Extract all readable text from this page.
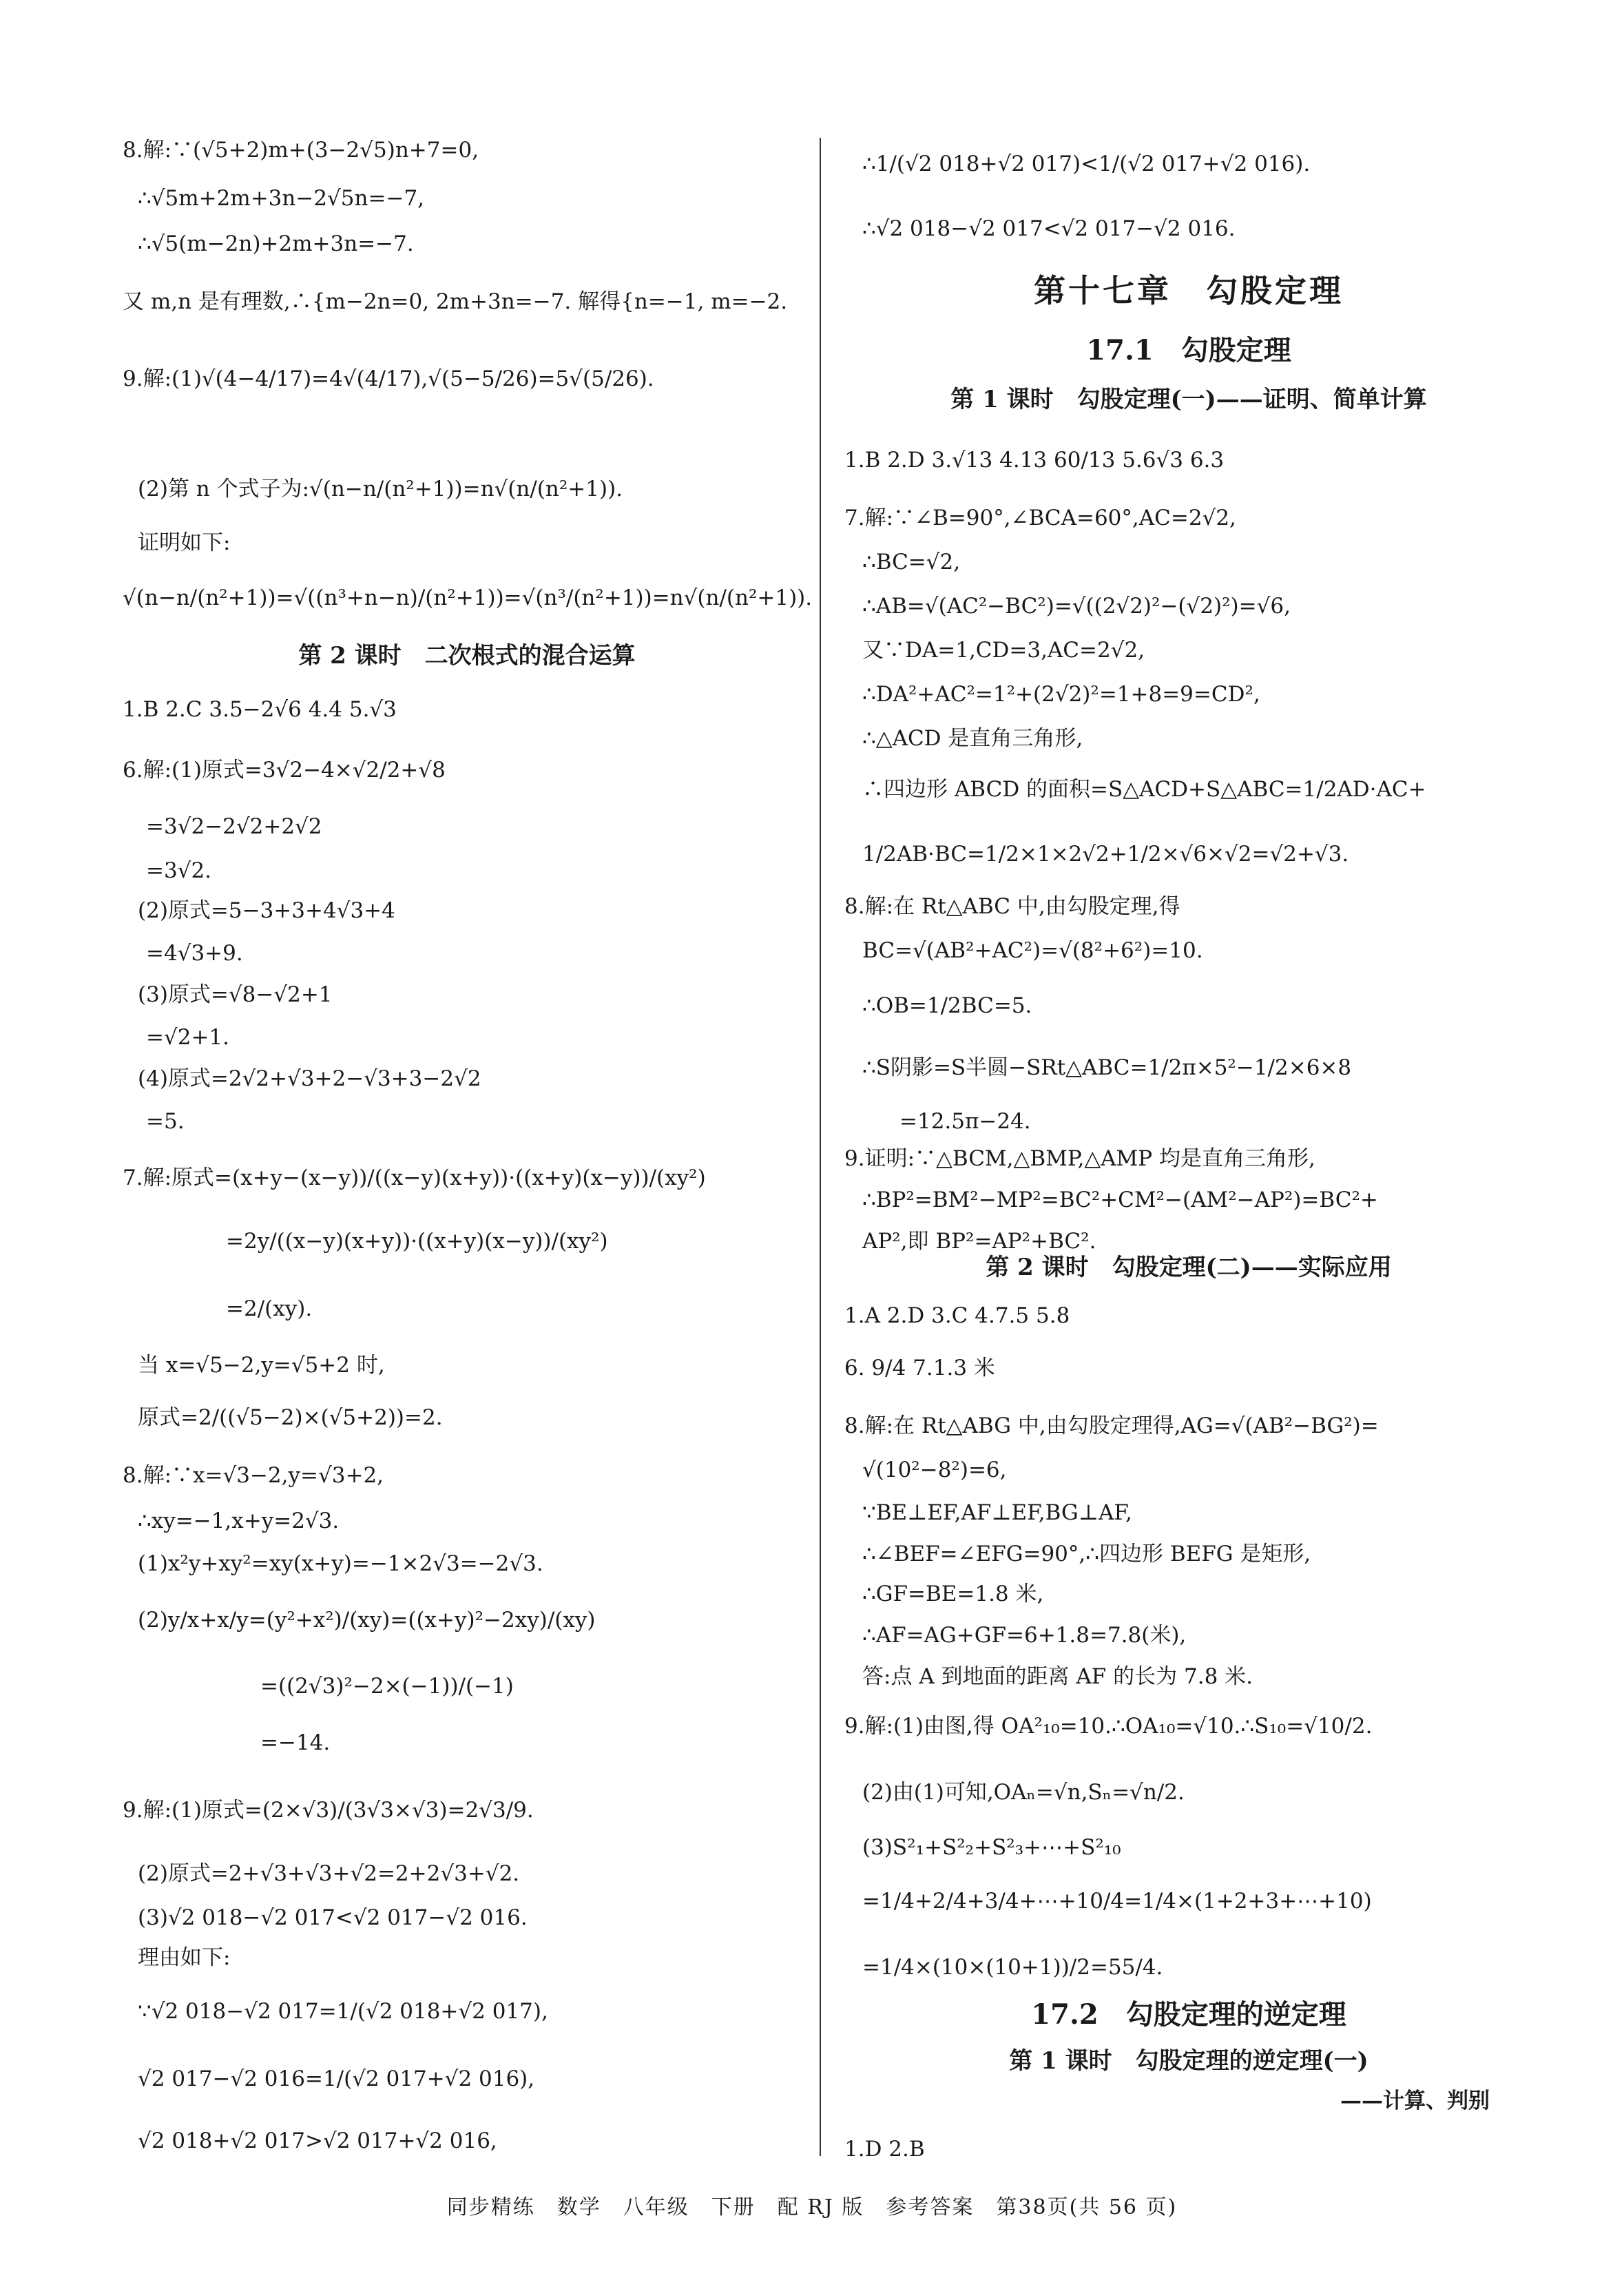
8.解:∵(√5+2)m+(3−2√5)n+7=0,
∴√5m+2m+3n−2√5n=−7,
∴√5(m−2n)+2m+3n=−7.
又 m,n 是有理数,∴{m−2n=0, 2m+3n=−7. 解得{n=−1, m=−2.
9.解:(1)√(4−4/17)=4√(4/17),√(5−5/26)=5√(5/26).
(2)第 n 个式子为:√(n−n/(n²+1))=n√(n/(n²+1)).
证明如下:
√(n−n/(n²+1))=√((n³+n−n)/(n²+1))=√(n³/(n²+1))=n√(n/(n²+1)).
1.B 2.C 3.5−2√6 4.4 5.√3
6.解:(1)原式=3√2−4×√2/2+√8
=3√2−2√2+2√2
=3√2.
(2)原式=5−3+3+4√3+4
=4√3+9.
(3)原式=√8−√2+1
=√2+1.
(4)原式=2√2+√3+2−√3+3−2√2
=5.
7.解:原式=(x+y−(x−y))/((x−y)(x+y))·((x+y)(x−y))/(xy²)
=2y/((x−y)(x+y))·((x+y)(x−y))/(xy²)
=2/(xy).
当 x=√5−2,y=√5+2 时,
原式=2/((√5−2)×(√5+2))=2.
8.解:∵x=√3−2,y=√3+2,
∴xy=−1,x+y=2√3.
(1)x²y+xy²=xy(x+y)=−1×2√3=−2√3.
(2)y/x+x/y=(y²+x²)/(xy)=((x+y)²−2xy)/(xy)
=((2√3)²−2×(−1))/(−1)
=−14.
9.解:(1)原式=(2×√3)/(3√3×√3)=2√3/9.
(2)原式=2+√3+√3+√2=2+2√3+√2.
(3)√2 018−√2 017<√2 017−√2 016.
理由如下:
∵√2 018−√2 017=1/(√2 018+√2 017),
√2 017−√2 016=1/(√2 017+√2 016),
√2 018+√2 017>√2 017+√2 016,
第 2 课时　二次根式的混合运算
∴1/(√2 018+√2 017)<1/(√2 017+√2 016).
∴√2 018−√2 017<√2 017−√2 016.
1.B 2.D 3.√13 4.13 60/13 5.6√3 6.3
7.解:∵∠B=90°,∠BCA=60°,AC=2√2,
∴BC=√2,
∴AB=√(AC²−BC²)=√((2√2)²−(√2)²)=√6,
又∵DA=1,CD=3,AC=2√2,
∴DA²+AC²=1²+(2√2)²=1+8=9=CD²,
∴△ACD 是直角三角形,
∴四边形 ABCD 的面积=S△ACD+S△ABC=1/2AD·AC+
1/2AB·BC=1/2×1×2√2+1/2×√6×√2=√2+√3.
8.解:在 Rt△ABC 中,由勾股定理,得
BC=√(AB²+AC²)=√(8²+6²)=10.
∴OB=1/2BC=5.
∴S阴影=S半圆−SRt△ABC=1/2π×5²−1/2×6×8
=12.5π−24.
9.证明:∵△BCM,△BMP,△AMP 均是直角三角形,
∴BP²=BM²−MP²=BC²+CM²−(AM²−AP²)=BC²+
AP²,即 BP²=AP²+BC².
1.A 2.D 3.C 4.7.5 5.8
6. 9/4 7.1.3 米
8.解:在 Rt△ABG 中,由勾股定理得,AG=√(AB²−BG²)=
√(10²−8²)=6,
∵BE⊥EF,AF⊥EF,BG⊥AF,
∴∠BEF=∠EFG=90°,∴四边形 BEFG 是矩形,
∴GF=BE=1.8 米,
∴AF=AG+GF=6+1.8=7.8(米),
答:点 A 到地面的距离 AF 的长为 7.8 米.
9.解:(1)由图,得 OA²₁₀=10.∴OA₁₀=√10.∴S₁₀=√10/2.
(2)由(1)可知,OAₙ=√n,Sₙ=√n/2.
(3)S²₁+S²₂+S²₃+⋯+S²₁₀
=1/4+2/4+3/4+⋯+10/4=1/4×(1+2+3+⋯+10)
=1/4×(10×(10+1))/2=55/4.
——计算、判别
1.D 2.B
第十七章　勾股定理
17.1　勾股定理
第 1 课时　勾股定理(一)——证明、简单计算
第 2 课时　勾股定理(二)——实际应用
17.2　勾股定理的逆定理
第 1 课时　勾股定理的逆定理(一)
同步精练　数学　八年级　下册　配 RJ 版　参考答案　第38页(共 56 页)
